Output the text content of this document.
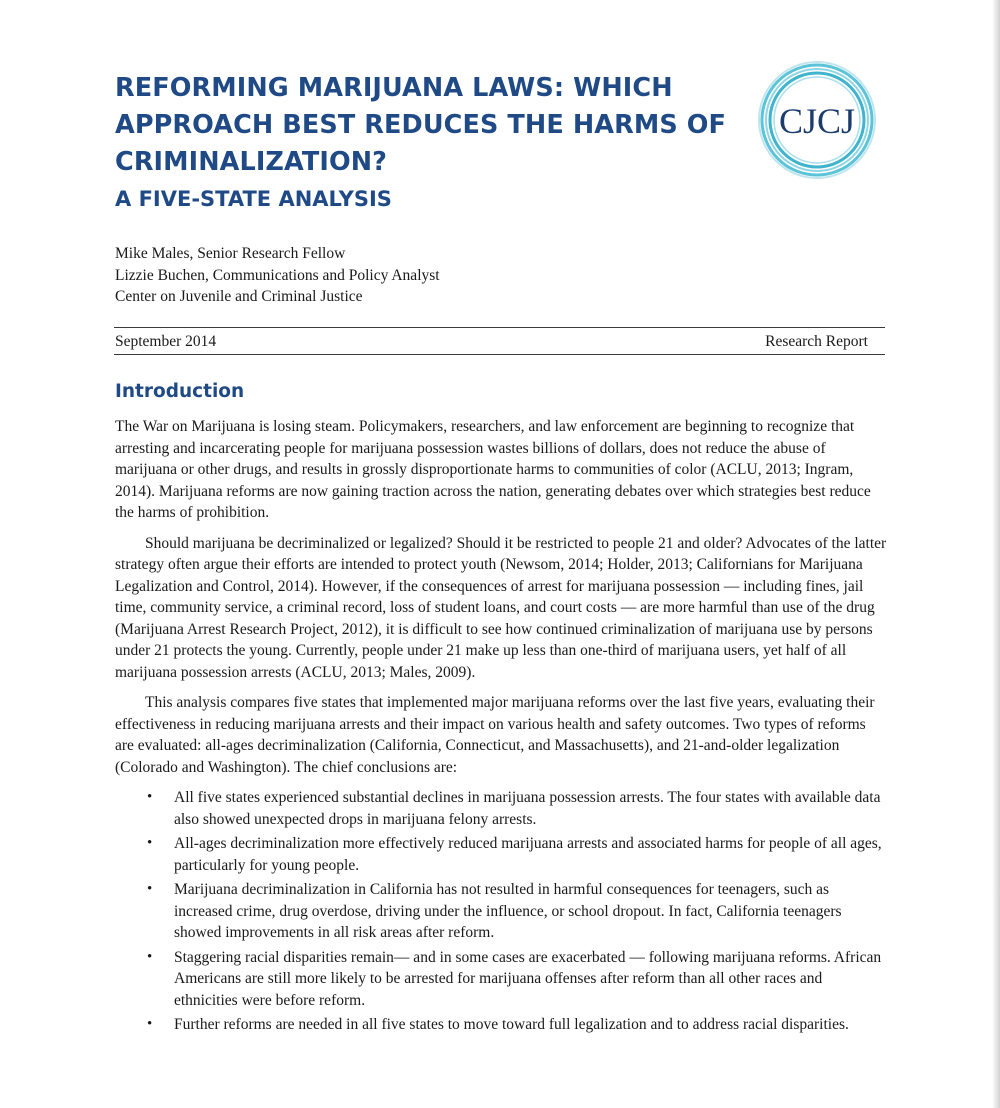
REFORMING MARIJUANA LAWS: WHICH
APPROACH BEST REDUCES THE HARMS OF
CRIMINALIZATION?
A FIVE-STATE ANALYSIS
CJCJ
Mike Males, Senior Research Fellow
Lizzie Buchen, Communications and Policy Analyst
Center on Juvenile and Criminal Justice
September 2014	Research Report
Introduction

The War on Marijuana is losing steam. Policymakers, researchers, and law enforcement are beginning to recognize that arresting and incarcerating people for marijuana possession wastes billions of dollars, does not reduce the abuse of marijuana or other drugs, and results in grossly disproportionate harms to communities of color (ACLU, 2013; Ingram, 2014). Marijuana reforms are now gaining traction across the nation, generating debates over which strategies best reduce the harms of prohibition.

Should marijuana be decriminalized or legalized? Should it be restricted to people 21 and older? Advocates of the latter strategy often argue their efforts are intended to protect youth (Newsom, 2014; Holder, 2013; Californians for Marijuana Legalization and Control, 2014). However, if the consequences of arrest for marijuana possession — including fines, jail time, community service, a criminal record, loss of student loans, and court costs — are more harmful than use of the drug (Marijuana Arrest Research Project, 2012), it is difficult to see how continued criminalization of marijuana use by persons under 21 protects the young. Currently, people under 21 make up less than one-third of marijuana users, yet half of all marijuana possession arrests (ACLU, 2013; Males, 2009).

This analysis compares five states that implemented major marijuana reforms over the last five years, evaluating their effectiveness in reducing marijuana arrests and their impact on various health and safety outcomes. Two types of reforms are evaluated: all-ages decriminalization (California, Connecticut, and Massachusetts), and 21-and-older legalization (Colorado and Washington). The chief conclusions are:

• All five states experienced substantial declines in marijuana possession arrests. The four states with available data also showed unexpected drops in marijuana felony arrests.
• All-ages decriminalization more effectively reduced marijuana arrests and associated harms for people of all ages, particularly for young people.
• Marijuana decriminalization in California has not resulted in harmful consequences for teenagers, such as increased crime, drug overdose, driving under the influence, or school dropout. In fact, California teenagers showed improvements in all risk areas after reform.
• Staggering racial disparities remain— and in some cases are exacerbated — following marijuana reforms. African Americans are still more likely to be arrested for marijuana offenses after reform than all other races and ethnicities were before reform.
• Further reforms are needed in all five states to move toward full legalization and to address racial disparities.
